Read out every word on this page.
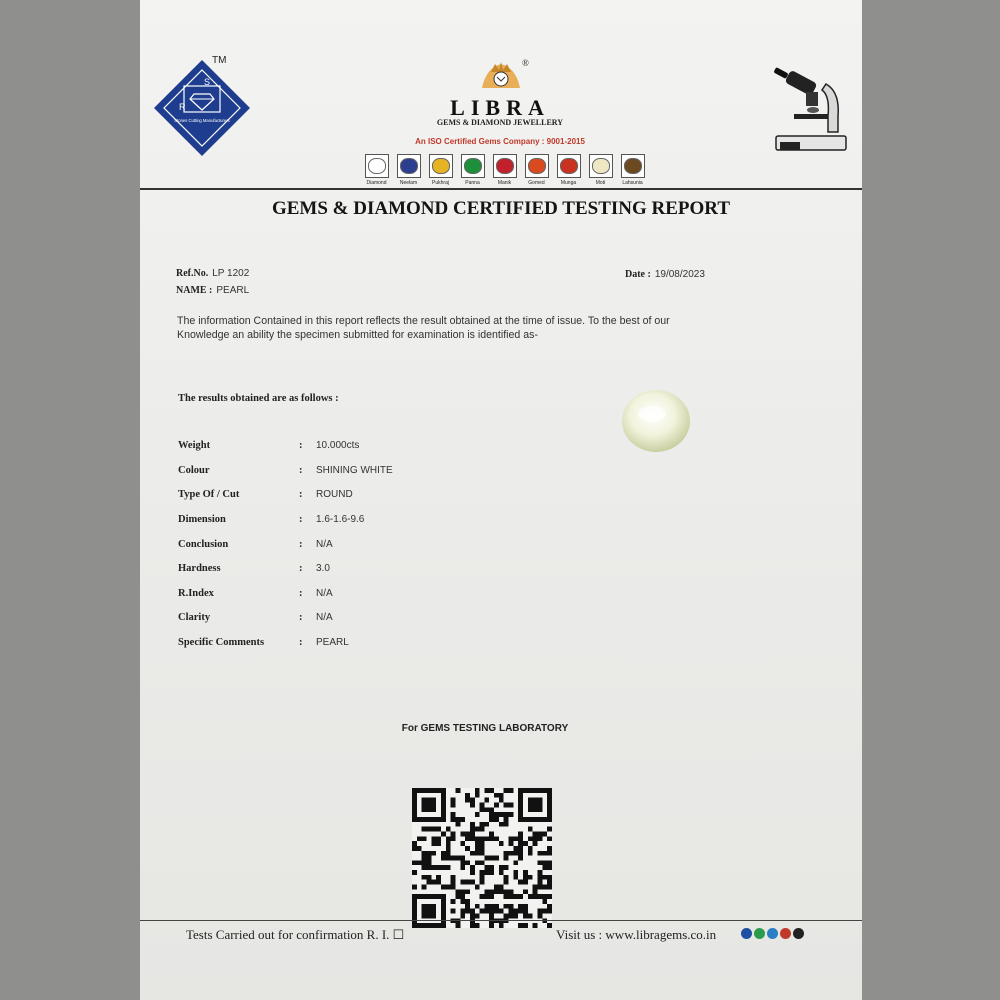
TM
S
R
Stones Cutting Manufacturers
®
LIBRA
GEMS & DIAMOND JEWELLERY
An ISO Certified Gems Company : 9001-2015
Diamond	Neelam	Pukhraj	Panna	Manik	Gomed	Munga	Moti	Lahsunia
GEMS & DIAMOND CERTIFIED TESTING REPORT
Ref.No. LP 1202
NAME : PEARL
Date : 19/08/2023
The information Contained in this report reflects the result obtained at the time of issue. To the best of our
Knowledge an ability the specimen submitted for examination is identified as-
The results obtained are as follows :
Weight	: 10.000cts
Colour	: SHINING WHITE
Type Of / Cut	: ROUND
Dimension	: 1.6-1.6-9.6
Conclusion	: N/A
Hardness	: 3.0
R.Index	: N/A
Clarity	: N/A
Specific Comments	: PEARL
For GEMS TESTING LABORATORY
Tests Carried out for confirmation R. I. ☐	Visit us : www.libragems.co.in
